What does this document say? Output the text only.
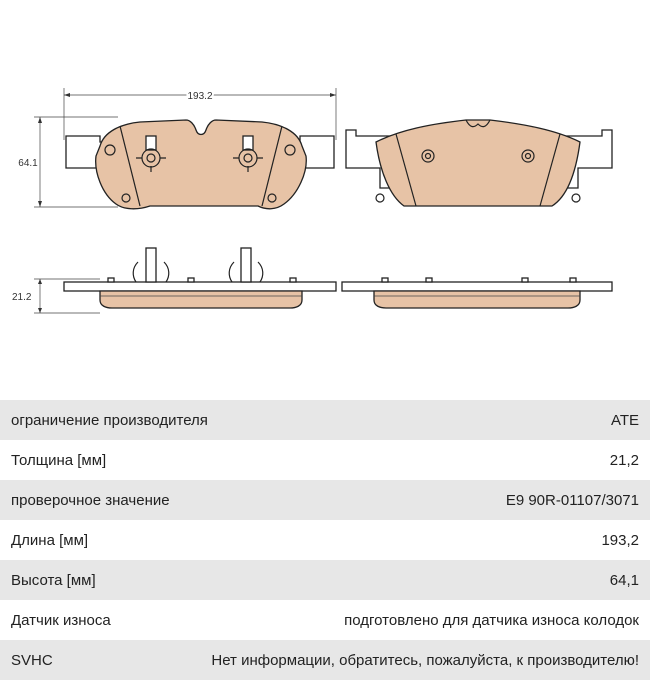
193.2
64.1
21.2
ограничение производителя	ATE
Толщина [мм]	21,2
проверочное значение	E9 90R-01107/3071
Длина [мм]	193,2
Высота [мм]	64,1
Датчик износа	подготовлено для датчика износа колодок
SVHC	Нет информации, обратитесь, пожалуйста, к производителю!
